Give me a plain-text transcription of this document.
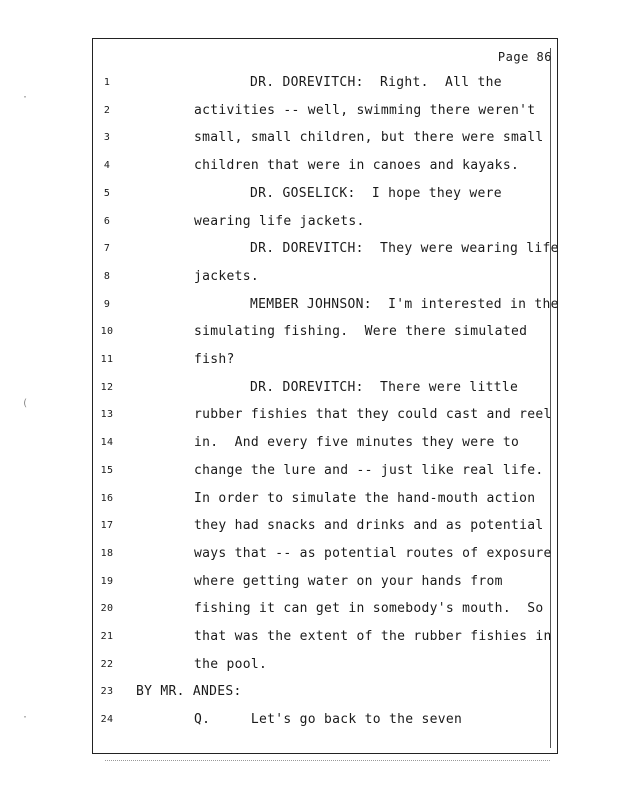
Page 86
1	DR. DOREVITCH:  Right.  All the
2	activities -- well, swimming there weren't
3	small, small children, but there were small
4	children that were in canoes and kayaks.
5	DR. GOSELICK:  I hope they were
6	wearing life jackets.
7	DR. DOREVITCH:  They were wearing life
8	jackets.
9	MEMBER JOHNSON:  I'm interested in the
10	simulating fishing.  Were there simulated
11	fish?
12	DR. DOREVITCH:  There were little
13	rubber fishies that they could cast and reel
14	in.  And every five minutes they were to
15	change the lure and -- just like real life.
16	In order to simulate the hand-mouth action
17	they had snacks and drinks and as potential
18	ways that -- as potential routes of exposure
19	where getting water on your hands from
20	fishing it can get in somebody's mouth.  So
21	that was the extent of the rubber fishies in
22	the pool.
23 BY MR. ANDES:
24	Q.     Let's go back to the seven
·
(
·
